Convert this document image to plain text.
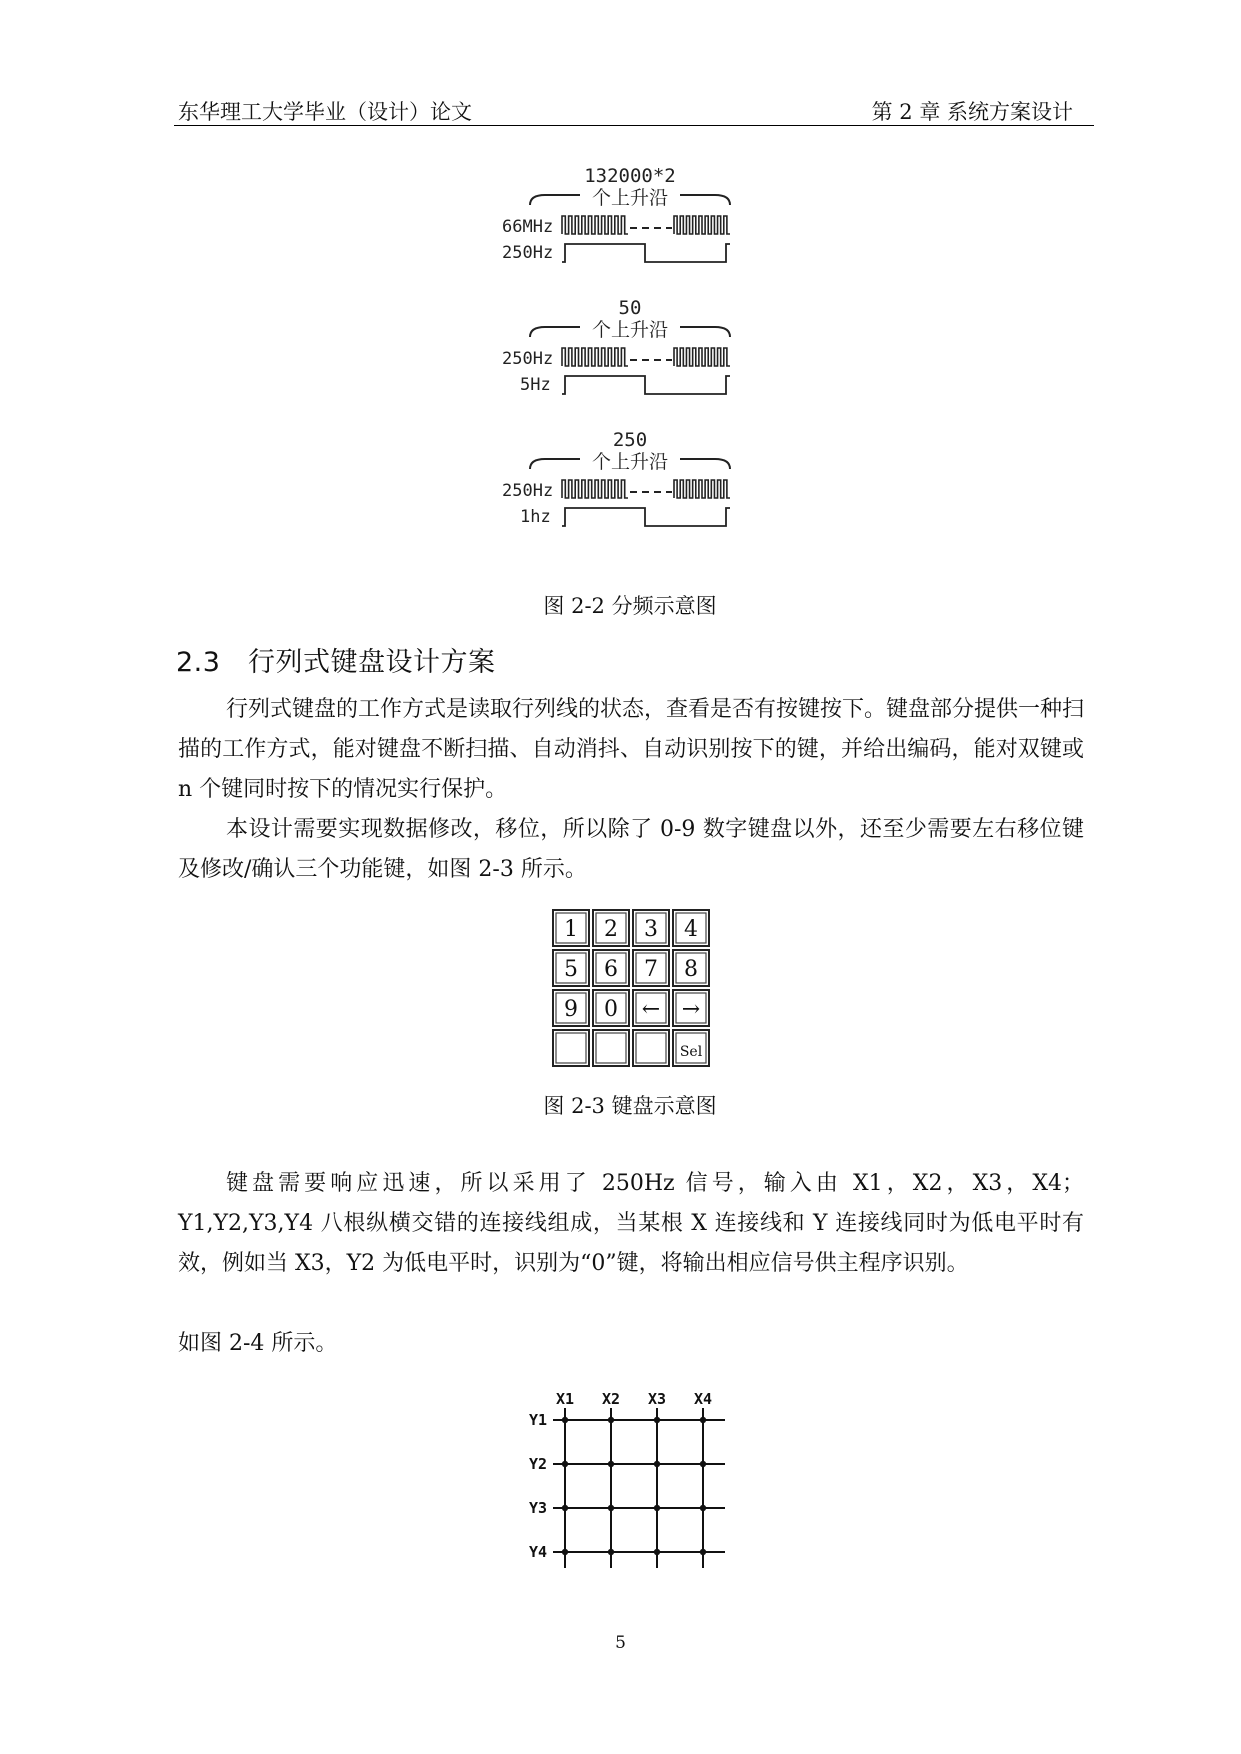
东华理工大学毕业（设计）论文	第 2 章 系统方案设计
132000*2
个上升沿
66MHz
250Hz
50
个上升沿
250Hz
5Hz
250
个上升沿
250Hz
1hz
图 2-2 分频示意图
2.3　行列式键盘设计方案
行列式键盘的工作方式是读取行列线的状态，查看是否有按键按下。键盘部分提供一种扫描的工作方式，能对键盘不断扫描、自动消抖、自动识别按下的键，并给出编码，能对双键或 n 个键同时按下的情况实行保护。
本设计需要实现数据修改，移位，所以除了 0-9 数字键盘以外，还至少需要左右移位键及修改/确认三个功能键，如图 2-3 所示。
1 2 3 4
5 6 7 8
9 0 ← →
Sel
图 2-3 键盘示意图
键盘需要响应迅速，所以采用了 250Hz 信号，输入由 X1，X2，X3，X4；Y1,Y2,Y3,Y4 八根纵横交错的连接线组成，当某根 X 连接线和 Y 连接线同时为低电平时有效，例如当 X3，Y2 为低电平时，识别为“0”键，将输出相应信号供主程序识别。
如图 2-4 所示。
X1 X2 X3 X4
Y1
Y2
Y3
Y4
5
